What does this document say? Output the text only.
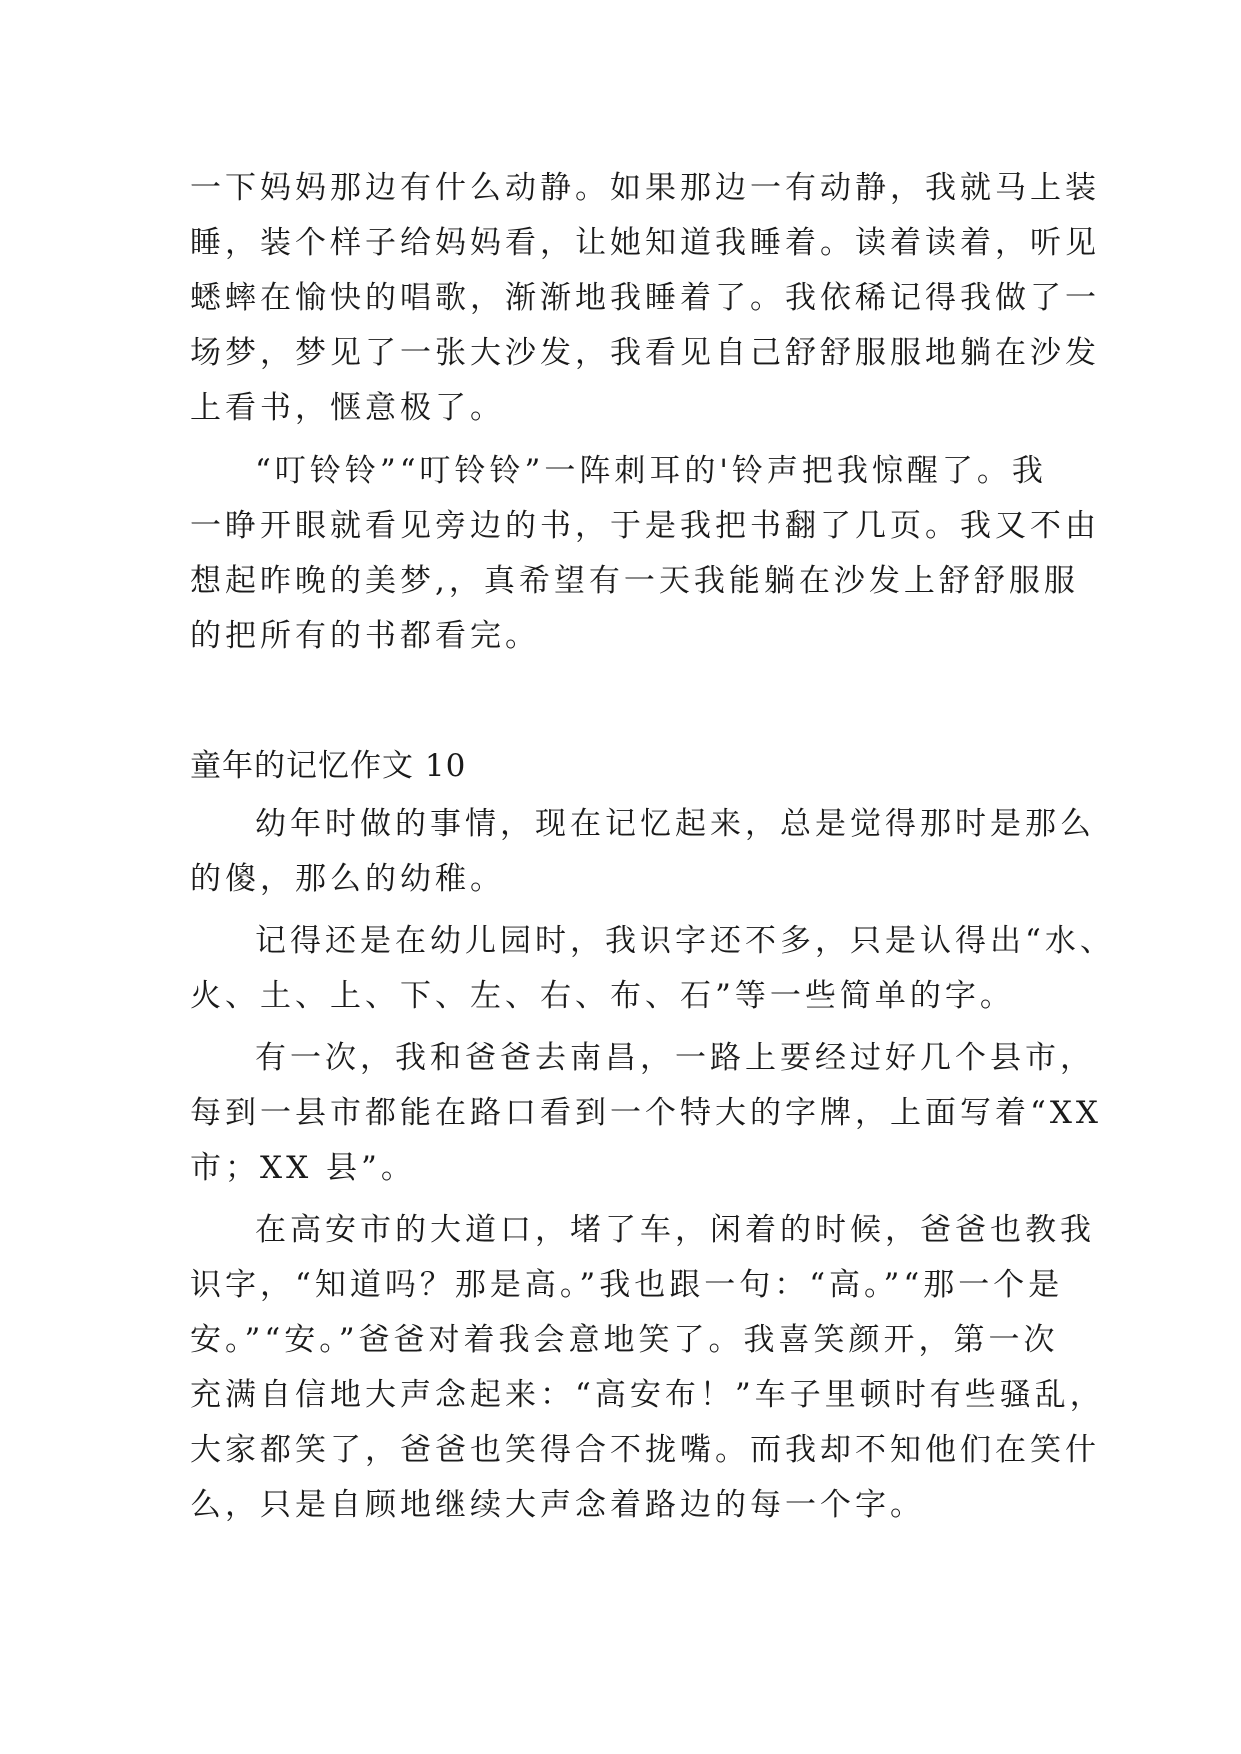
一下妈妈那边有什么动静。如果那边一有动静，我就马上装
睡，装个样子给妈妈看，让她知道我睡着。读着读着，听见
蟋蟀在愉快的唱歌，渐渐地我睡着了。我依稀记得我做了一
场梦，梦见了一张大沙发，我看见自己舒舒服服地躺在沙发
上看书，惬意极了。
“叮铃铃”“叮铃铃”一阵刺耳的'铃声把我惊醒了。我
一睁开眼就看见旁边的书，于是我把书翻了几页。我又不由
想起昨晚的美梦,，真希望有一天我能躺在沙发上舒舒服服
的把所有的书都看完。
童年的记忆作文 10
幼年时做的事情，现在记忆起来，总是觉得那时是那么
的傻，那么的幼稚。
记得还是在幼儿园时，我识字还不多，只是认得出“水、
火、土、上、下、左、右、布、石”等一些简单的字。
有一次，我和爸爸去南昌，一路上要经过好几个县市，
每到一县市都能在路口看到一个特大的字牌，上面写着“XX
市；XX 县”。
在高安市的大道口，堵了车，闲着的时候，爸爸也教我
识字，“知道吗？那是高。”我也跟一句：“高。”“那一个是
安。”“安。”爸爸对着我会意地笑了。我喜笑颜开，第一次
充满自信地大声念起来：“高安布！”车子里顿时有些骚乱，
大家都笑了，爸爸也笑得合不拢嘴。而我却不知他们在笑什
么，只是自顾地继续大声念着路边的每一个字。
